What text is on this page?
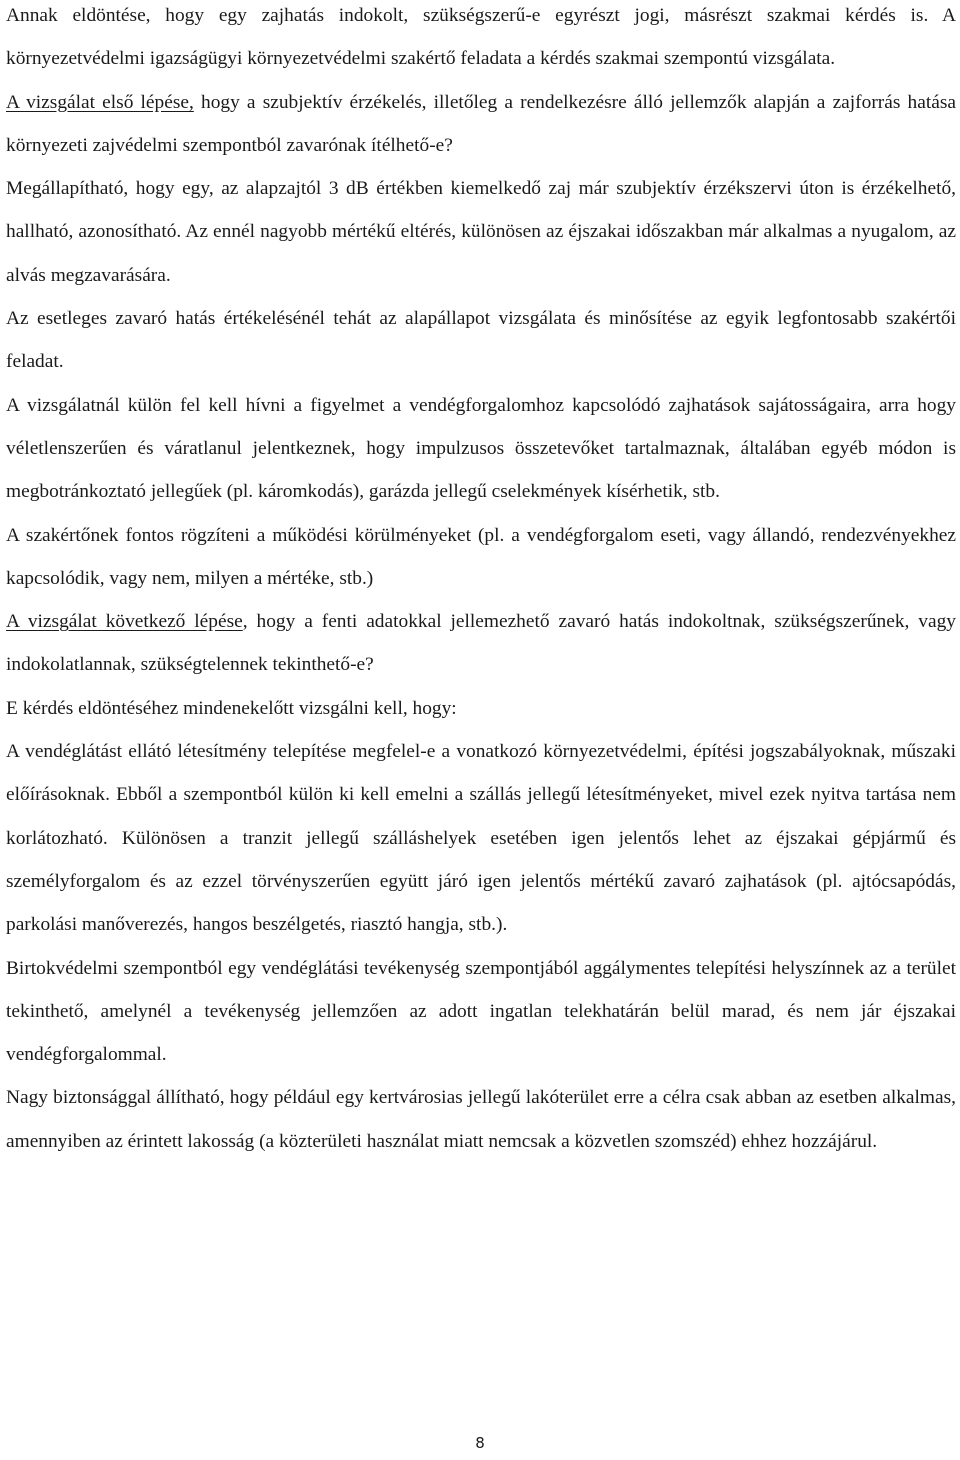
Annak eldöntése, hogy egy zajhatás indokolt, szükségszerű-e egyrészt jogi, másrészt szakmai kérdés is. A környezetvédelmi igazságügyi környezetvédelmi szakértő feladata a kérdés szakmai szempontú vizsgálata.

A vizsgálat első lépése, hogy a szubjektív érzékelés, illetőleg a rendelkezésre álló jellemzők alapján a zajforrás hatása környezeti zajvédelmi szempontból zavarónak ítélhető-e?

Megállapítható, hogy egy, az alapzajtól 3 dB értékben kiemelkedő zaj már szubjektív érzékszervi úton is érzékelhető, hallható, azonosítható. Az ennél nagyobb mértékű eltérés, különösen az éjszakai időszakban már alkalmas a nyugalom, az alvás megzavarására.

Az esetleges zavaró hatás értékelésénél tehát az alapállapot vizsgálata és minősítése az egyik legfontosabb szakértői feladat.

A vizsgálatnál külön fel kell hívni a figyelmet a vendégforgalomhoz kapcsolódó zajhatások sajátosságaira, arra hogy véletlenszerűen és váratlanul jelentkeznek, hogy impulzusos összetevőket tartalmaznak, általában egyéb módon is megbotránkoztató jellegűek (pl. káromkodás), garázda jellegű cselekmények kísérhetik, stb.

A szakértőnek fontos rögzíteni a működési körülményeket (pl. a vendégforgalom eseti, vagy állandó, rendezvényekhez kapcsolódik, vagy nem, milyen a mértéke, stb.)

A vizsgálat következő lépése, hogy a fenti adatokkal jellemezhető zavaró hatás indokoltnak, szükségszerűnek, vagy indokolatlannak, szükségtelennek tekinthető-e?

E kérdés eldöntéséhez mindenekelőtt vizsgálni kell, hogy:

A vendéglátást ellátó létesítmény telepítése megfelel-e a vonatkozó környezetvédelmi, építési jogszabályoknak, műszaki előírásoknak. Ebből a szempontból külön ki kell emelni a szállás jellegű létesítményeket, mivel ezek nyitva tartása nem korlátozható. Különösen a tranzit jellegű szálláshelyek esetében igen jelentős lehet az éjszakai gépjármű és személyforgalom és az ezzel törvényszerűen együtt járó igen jelentős mértékű zavaró zajhatások (pl. ajtócsapódás, parkolási manőverezés, hangos beszélgetés, riasztó hangja, stb.).

Birtokvédelmi szempontból egy vendéglátási tevékenység szempontjából aggálymentes telepítési helyszínnek az a terület tekinthető, amelynél a tevékenység jellemzően az adott ingatlan telekhatárán belül marad, és nem jár éjszakai vendégforgalommal.

Nagy biztonsággal állítható, hogy például egy kertvárosias jellegű lakóterület erre a célra csak abban az esetben alkalmas, amennyiben az érintett lakosság (a közterületi használat miatt nemcsak a közvetlen szomszéd) ehhez hozzájárul.

8
